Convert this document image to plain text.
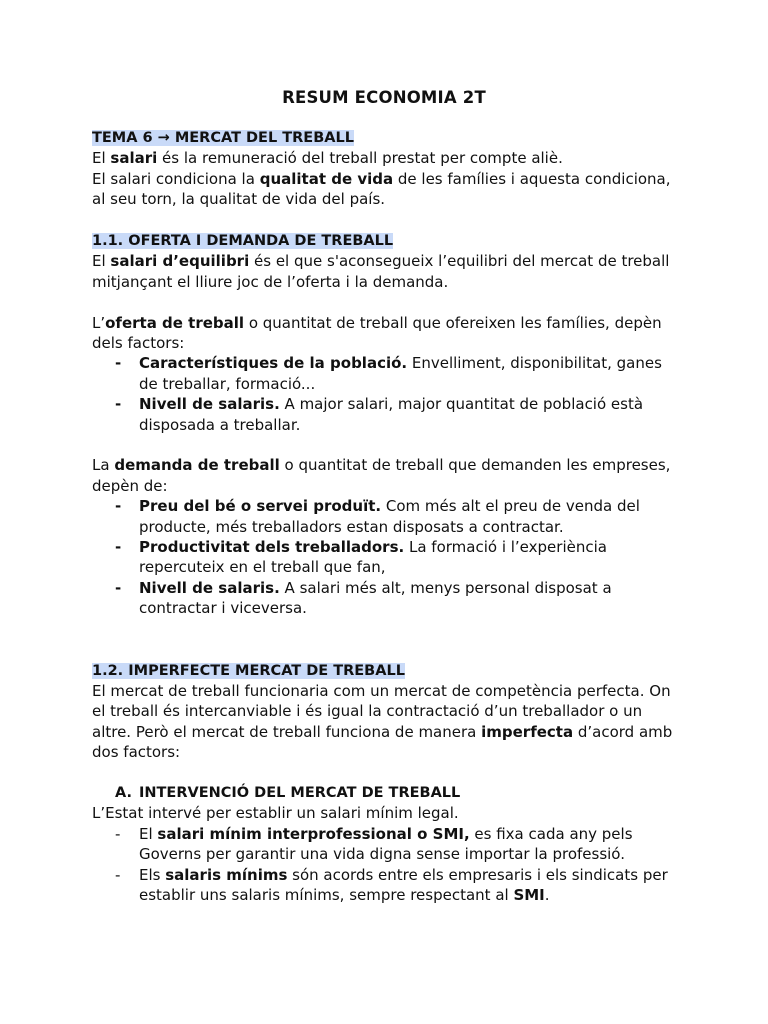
RESUM ECONOMIA 2T

TEMA 6 → MERCAT DEL TREBALL

El salari és la remuneració del treball prestat per compte aliè.

El salari condiciona la qualitat de vida de les famílies i aquesta condiciona, al seu torn, la qualitat de vida del país.

1.1. OFERTA I DEMANDA DE TREBALL

El salari d’equilibri és el que s'aconsegueix l’equilibri del mercat de treball mitjançant el lliure joc de l’oferta i la demanda.

L’oferta de treball o quantitat de treball que ofereixen les famílies, depèn dels factors:

- Característiques de la població. Envelliment, disponibilitat, ganes de treballar, formació...
- Nivell de salaris. A major salari, major quantitat de població està disposada a treballar.

La demanda de treball o quantitat de treball que demanden les empreses, depèn de:

- Preu del bé o servei produït. Com més alt el preu de venda del producte, més treballadors estan disposats a contractar.
- Productivitat dels treballadors. La formació i l’experiència repercuteix en el treball que fan,
- Nivell de salaris. A salari més alt, menys personal disposat a contractar i viceversa.

1.2. IMPERFECTE MERCAT DE TREBALL

El mercat de treball funcionaria com un mercat de competència perfecta. On el treball és intercanviable i és igual la contractació d’un treballador o un altre. Però el mercat de treball funciona de manera imperfecta d’acord amb dos factors:

A. INTERVENCIÓ DEL MERCAT DE TREBALL

L’Estat intervé per establir un salari mínim legal.

- El salari mínim interprofessional o SMI, es fixa cada any pels Governs per garantir una vida digna sense importar la professió.
- Els salaris mínims són acords entre els empresaris i els sindicats per establir uns salaris mínims, sempre respectant al SMI.
